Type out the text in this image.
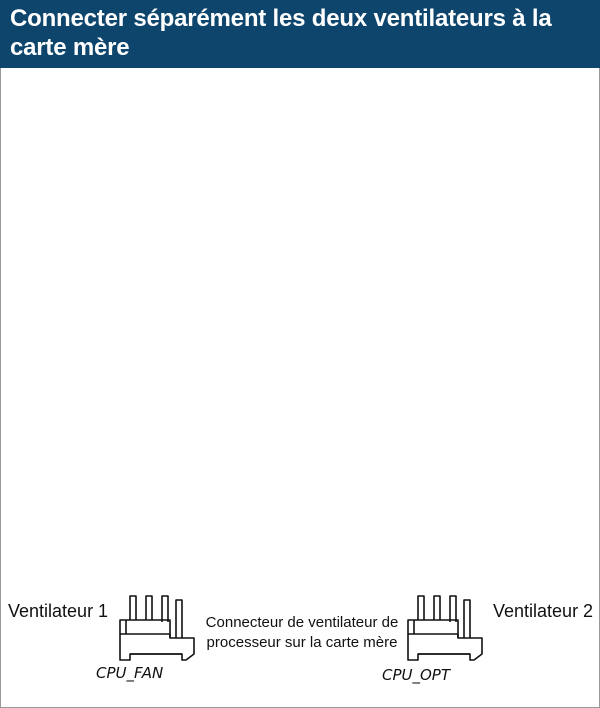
Connecter séparément les deux ventilateurs à la carte mère
Ventilateur 1	Ventilateur 2
Connecteur de ventilateur de processeur sur la carte mère
CPU_FAN	CPU_OPT
